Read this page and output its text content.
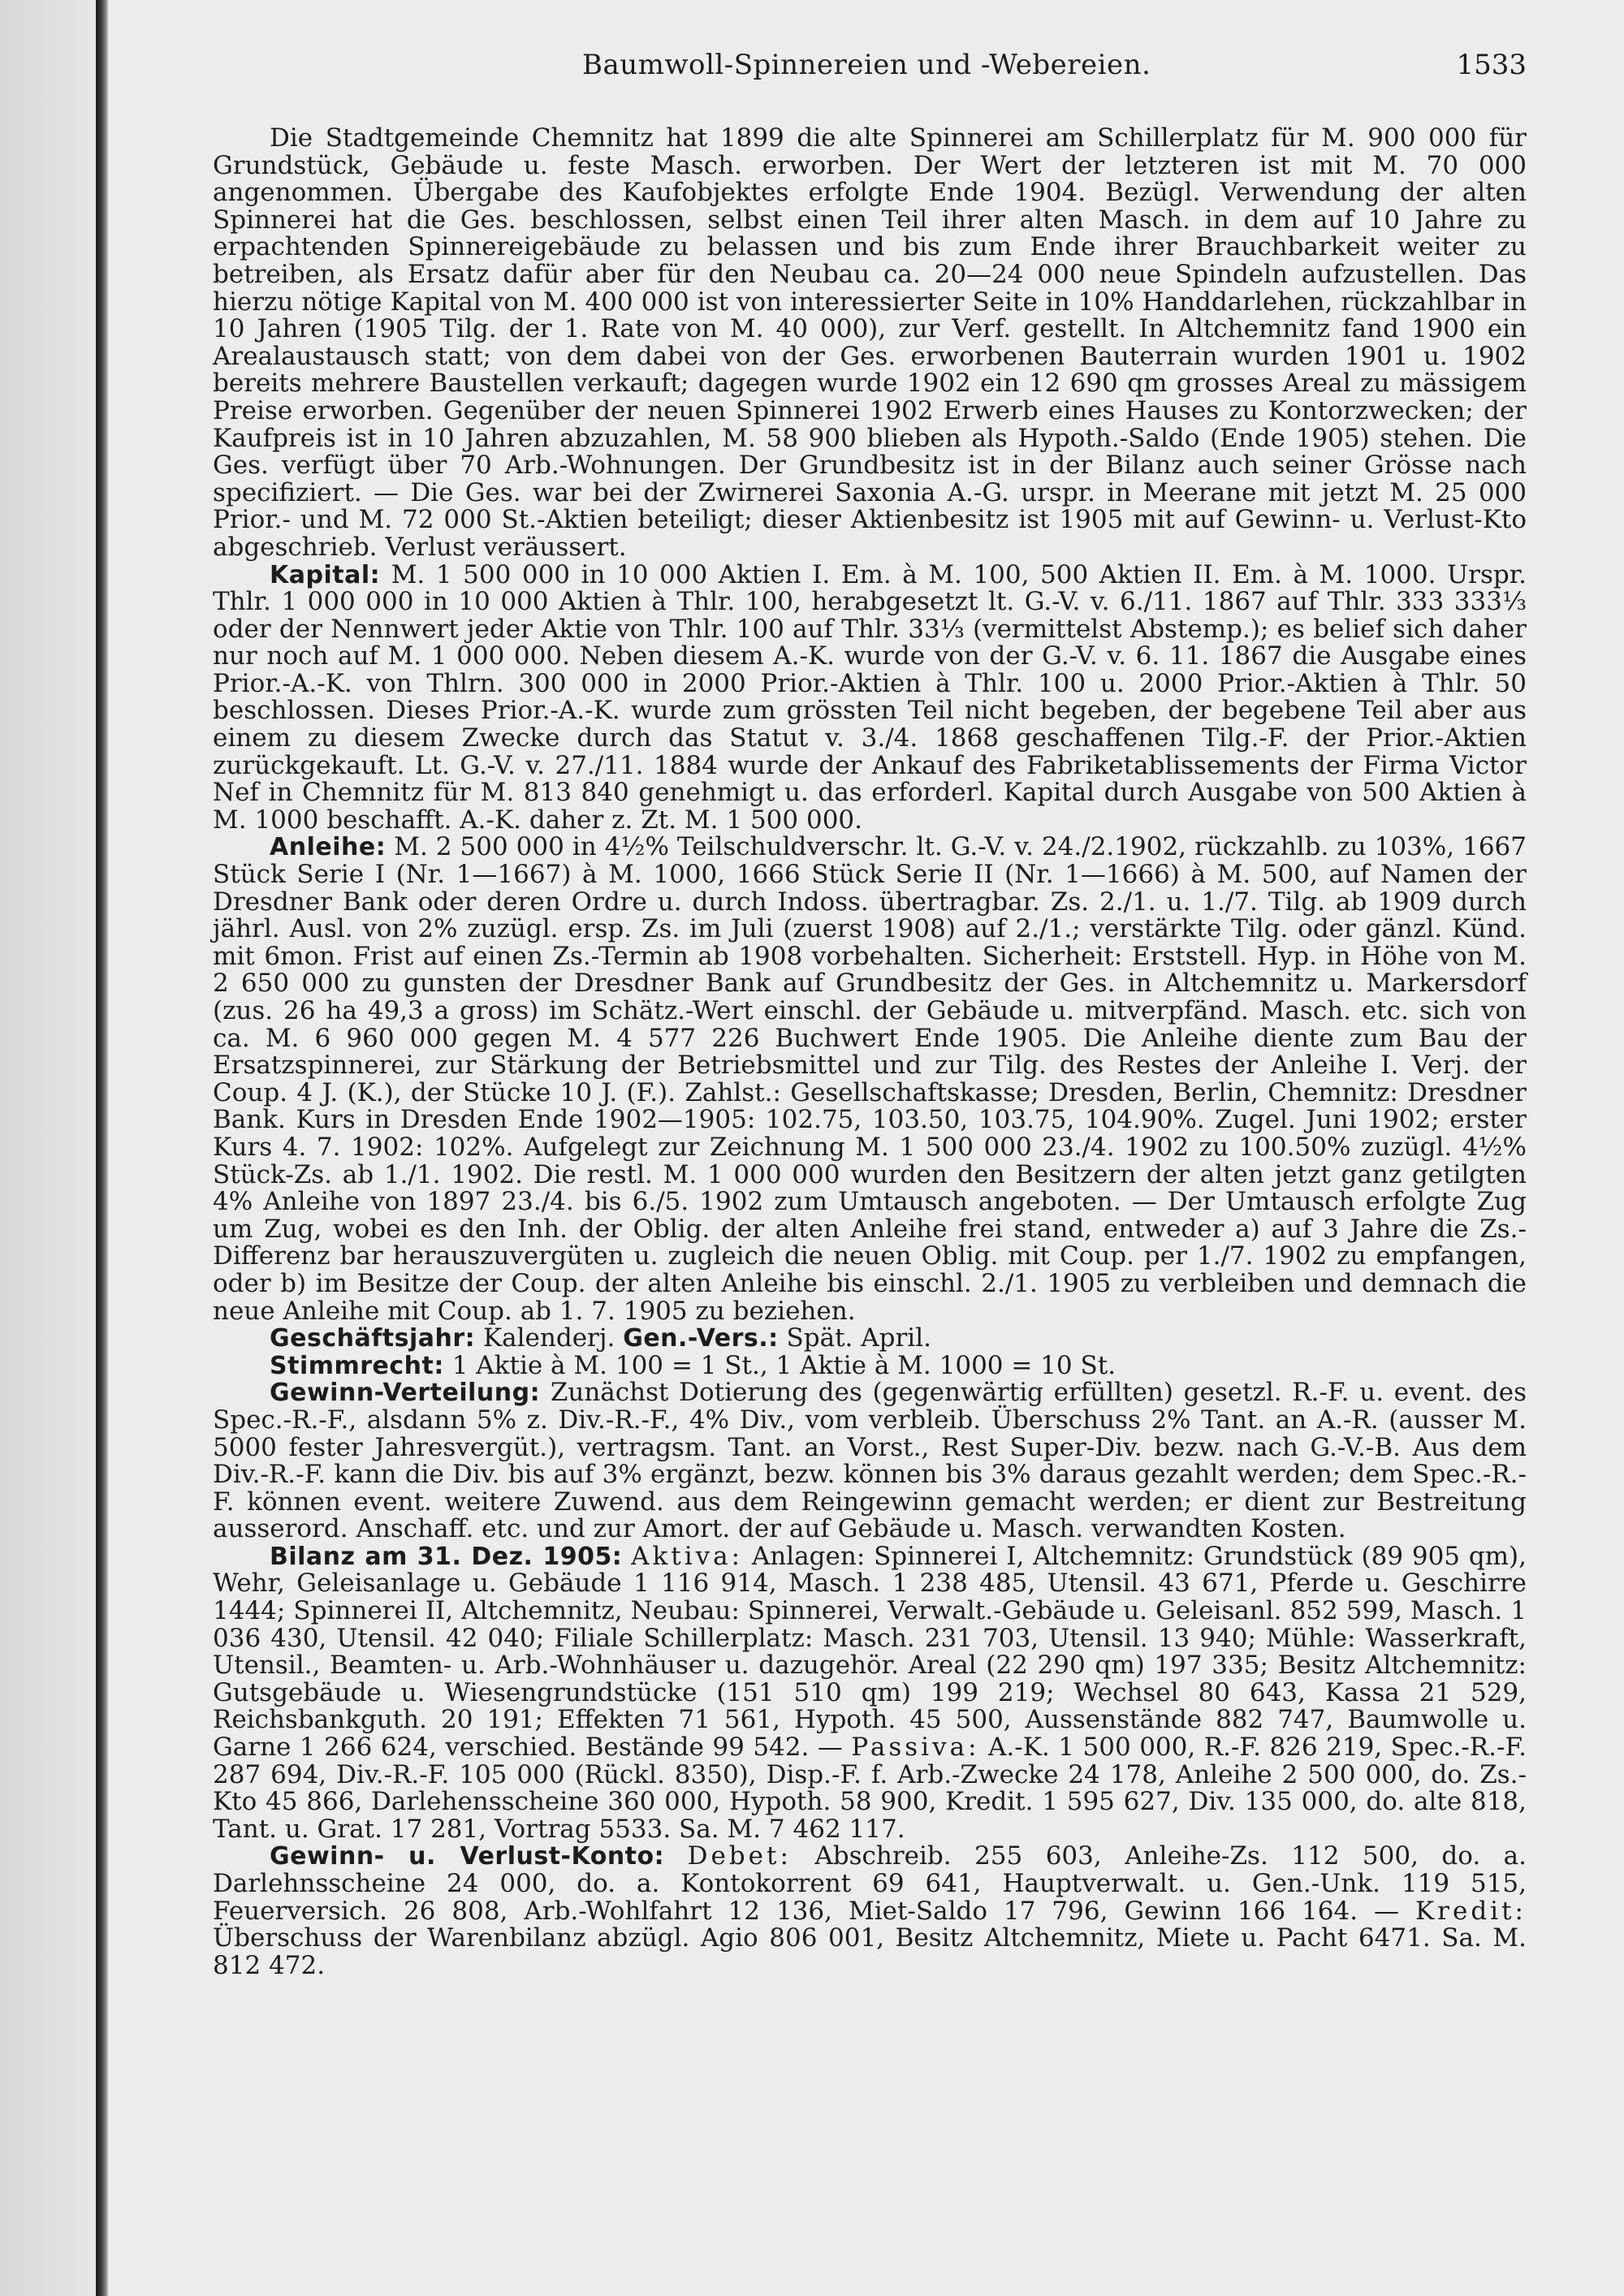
Baumwoll-Spinnereien und -Webereien.	1533

Die Stadtgemeinde Chemnitz hat 1899 die alte Spinnerei am Schillerplatz für M. 900 000 für Grundstück, Gebäude u. feste Masch. erworben. Der Wert der letzteren ist mit M. 70 000 angenommen. Übergabe des Kaufobjektes erfolgte Ende 1904. Bezügl. Verwendung der alten Spinnerei hat die Ges. beschlossen, selbst einen Teil ihrer alten Masch. in dem auf 10 Jahre zu erpachtenden Spinnereigebäude zu belassen und bis zum Ende ihrer Brauchbarkeit weiter zu betreiben, als Ersatz dafür aber für den Neubau ca. 20—24 000 neue Spindeln aufzustellen. Das hierzu nötige Kapital von M. 400 000 ist von interessierter Seite in 10% Handdarlehen, rückzahlbar in 10 Jahren (1905 Tilg. der 1. Rate von M. 40 000), zur Verf. gestellt. In Altchemnitz fand 1900 ein Arealaustausch statt; von dem dabei von der Ges. erworbenen Bauterrain wurden 1901 u. 1902 bereits mehrere Baustellen verkauft; dagegen wurde 1902 ein 12 690 qm grosses Areal zu mässigem Preise erworben. Gegenüber der neuen Spinnerei 1902 Erwerb eines Hauses zu Kontorzwecken; der Kaufpreis ist in 10 Jahren abzuzahlen, M. 58 900 blieben als Hypoth.-Saldo (Ende 1905) stehen. Die Ges. verfügt über 70 Arb.-Wohnungen. Der Grundbesitz ist in der Bilanz auch seiner Grösse nach specifiziert. — Die Ges. war bei der Zwirnerei Saxonia A.-G. urspr. in Meerane mit jetzt M. 25 000 Prior.- und M. 72 000 St.-Aktien beteiligt; dieser Aktienbesitz ist 1905 mit auf Gewinn- u. Verlust-Kto abgeschrieb. Verlust veräussert.

Kapital: M. 1 500 000 in 10 000 Aktien I. Em. à M. 100, 500 Aktien II. Em. à M. 1000. Urspr. Thlr. 1 000 000 in 10 000 Aktien à Thlr. 100, herabgesetzt lt. G.-V. v. 6./11. 1867 auf Thlr. 333 333⅓ oder der Nennwert jeder Aktie von Thlr. 100 auf Thlr. 33⅓ (vermittelst Abstemp.); es belief sich daher nur noch auf M. 1 000 000. Neben diesem A.-K. wurde von der G.-V. v. 6. 11. 1867 die Ausgabe eines Prior.-A.-K. von Thlrn. 300 000 in 2000 Prior.-Aktien à Thlr. 100 u. 2000 Prior.-Aktien à Thlr. 50 beschlossen. Dieses Prior.-A.-K. wurde zum grössten Teil nicht begeben, der begebene Teil aber aus einem zu diesem Zwecke durch das Statut v. 3./4. 1868 geschaffenen Tilg.-F. der Prior.-Aktien zurückgekauft. Lt. G.-V. v. 27./11. 1884 wurde der Ankauf des Fabriketablissements der Firma Victor Nef in Chemnitz für M. 813 840 genehmigt u. das erforderl. Kapital durch Ausgabe von 500 Aktien à M. 1000 beschafft. A.-K. daher z. Zt. M. 1 500 000.

Anleihe: M. 2 500 000 in 4½% Teilschuldverschr. lt. G.-V. v. 24./2.1902, rückzahlb. zu 103%, 1667 Stück Serie I (Nr. 1—1667) à M. 1000, 1666 Stück Serie II (Nr. 1—1666) à M. 500, auf Namen der Dresdner Bank oder deren Ordre u. durch Indoss. übertragbar. Zs. 2./1. u. 1./7. Tilg. ab 1909 durch jährl. Ausl. von 2% zuzügl. ersp. Zs. im Juli (zuerst 1908) auf 2./1.; verstärkte Tilg. oder gänzl. Künd. mit 6mon. Frist auf einen Zs.-Termin ab 1908 vorbehalten. Sicherheit: Erststell. Hyp. in Höhe von M. 2 650 000 zu gunsten der Dresdner Bank auf Grundbesitz der Ges. in Altchemnitz u. Markersdorf (zus. 26 ha 49,3 a gross) im Schätz.-Wert einschl. der Gebäude u. mitverpfänd. Masch. etc. sich von ca. M. 6 960 000 gegen M. 4 577 226 Buchwert Ende 1905. Die Anleihe diente zum Bau der Ersatzspinnerei, zur Stärkung der Betriebsmittel und zur Tilg. des Restes der Anleihe I. Verj. der Coup. 4 J. (K.), der Stücke 10 J. (F.). Zahlst.: Gesellschaftskasse; Dresden, Berlin, Chemnitz: Dresdner Bank. Kurs in Dresden Ende 1902—1905: 102.75, 103.50, 103.75, 104.90%. Zugel. Juni 1902; erster Kurs 4. 7. 1902: 102%. Aufgelegt zur Zeichnung M. 1 500 000 23./4. 1902 zu 100.50% zuzügl. 4½% Stück-Zs. ab 1./1. 1902. Die restl. M. 1 000 000 wurden den Besitzern der alten jetzt ganz getilgten 4% Anleihe von 1897 23./4. bis 6./5. 1902 zum Umtausch angeboten. — Der Umtausch erfolgte Zug um Zug, wobei es den Inh. der Oblig. der alten Anleihe frei stand, entweder a) auf 3 Jahre die Zs.-Differenz bar herauszuvergüten u. zugleich die neuen Oblig. mit Coup. per 1./7. 1902 zu empfangen, oder b) im Besitze der Coup. der alten Anleihe bis einschl. 2./1. 1905 zu verbleiben und demnach die neue Anleihe mit Coup. ab 1. 7. 1905 zu beziehen.

Geschäftsjahr: Kalenderj. Gen.-Vers.: Spät. April.

Stimmrecht: 1 Aktie à M. 100 = 1 St., 1 Aktie à M. 1000 = 10 St.

Gewinn-Verteilung: Zunächst Dotierung des (gegenwärtig erfüllten) gesetzl. R.-F. u. event. des Spec.-R.-F., alsdann 5% z. Div.-R.-F., 4% Div., vom verbleib. Überschuss 2% Tant. an A.-R. (ausser M. 5000 fester Jahresvergüt.), vertragsm. Tant. an Vorst., Rest Super-Div. bezw. nach G.-V.-B. Aus dem Div.-R.-F. kann die Div. bis auf 3% ergänzt, bezw. können bis 3% daraus gezahlt werden; dem Spec.-R.-F. können event. weitere Zuwend. aus dem Reingewinn gemacht werden; er dient zur Bestreitung ausserord. Anschaff. etc. und zur Amort. der auf Gebäude u. Masch. verwandten Kosten.

Bilanz am 31. Dez. 1905: Aktiva: Anlagen: Spinnerei I, Altchemnitz: Grundstück (89 905 qm), Wehr, Geleisanlage u. Gebäude 1 116 914, Masch. 1 238 485, Utensil. 43 671, Pferde u. Geschirre 1444; Spinnerei II, Altchemnitz, Neubau: Spinnerei, Verwalt.-Gebäude u. Geleisanl. 852 599, Masch. 1 036 430, Utensil. 42 040; Filiale Schillerplatz: Masch. 231 703, Utensil. 13 940; Mühle: Wasserkraft, Utensil., Beamten- u. Arb.-Wohnhäuser u. dazugehör. Areal (22 290 qm) 197 335; Besitz Altchemnitz: Gutsgebäude u. Wiesengrundstücke (151 510 qm) 199 219; Wechsel 80 643, Kassa 21 529, Reichsbankguth. 20 191; Effekten 71 561, Hypoth. 45 500, Aussenstände 882 747, Baumwolle u. Garne 1 266 624, verschied. Bestände 99 542. — Passiva: A.-K. 1 500 000, R.-F. 826 219, Spec.-R.-F. 287 694, Div.-R.-F. 105 000 (Rückl. 8350), Disp.-F. f. Arb.-Zwecke 24 178, Anleihe 2 500 000, do. Zs.-Kto 45 866, Darlehensscheine 360 000, Hypoth. 58 900, Kredit. 1 595 627, Div. 135 000, do. alte 818, Tant. u. Grat. 17 281, Vortrag 5533. Sa. M. 7 462 117.

Gewinn- u. Verlust-Konto: Debet: Abschreib. 255 603, Anleihe-Zs. 112 500, do. a. Darlehnsscheine 24 000, do. a. Kontokorrent 69 641, Hauptverwalt. u. Gen.-Unk. 119 515, Feuerversich. 26 808, Arb.-Wohlfahrt 12 136, Miet-Saldo 17 796, Gewinn 166 164. — Kredit: Überschuss der Warenbilanz abzügl. Agio 806 001, Besitz Altchemnitz, Miete u. Pacht 6471. Sa. M. 812 472.
